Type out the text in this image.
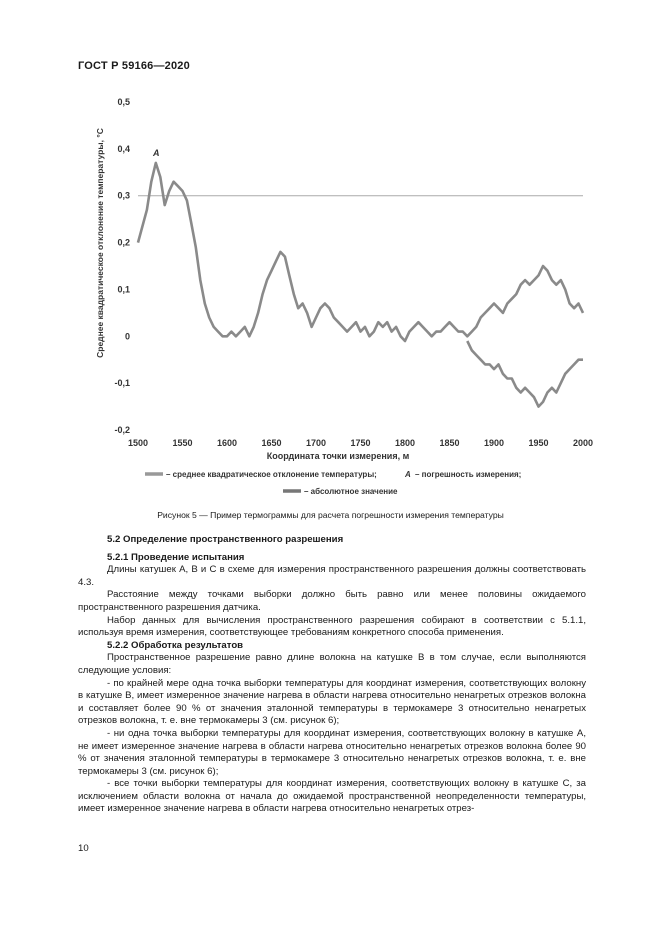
ГОСТ Р 59166—2020
0,5
0,4
0,3
0,2
0,1
0
-0,1
-0,2
1500	1550	1600	1650	1700	1750	1800	1850	1900	1950	2000
A
Среднее квадратическое отклонение температуры, °C
Координата точки измерения, м
– среднее квадратическое отклонение температуры;	A – погрешность измерения;
– абсолютное значение
Рисунок 5 — Пример термограммы для расчета погрешности измерения температуры

5.2 Определение пространственного разрешения

5.2.1 Проведение испытания

Длины катушек А, В и С в схеме для измерения пространственного разрешения должны соответствовать 4.3.

Расстояние между точками выборки должно быть равно или менее половины ожидаемого пространственного разрешения датчика.

Набор данных для вычисления пространственного разрешения собирают в соответствии с 5.1.1, используя время измерения, соответствующее требованиям конкретного способа применения.

5.2.2 Обработка результатов

Пространственное разрешение равно длине волокна на катушке В в том случае, если выполняются следующие условия:

- по крайней мере одна точка выборки температуры для координат измерения, соответствующих волокну в катушке В, имеет измеренное значение нагрева в области нагрева относительно ненагретых отрезков волокна и составляет более 90 % от значения эталонной температуры в термокамере 3 относительно ненагретых отрезков волокна, т. е. вне термокамеры 3 (см. рисунок 6);

- ни одна точка выборки температуры для координат измерения, соответствующих волокну в катушке А, не имеет измеренное значение нагрева в области нагрева относительно ненагретых отрезков волокна более 90 % от значения эталонной температуры в термокамере 3 относительно ненагретых отрезков волокна, т. е. вне термокамеры 3 (см. рисунок 6);

- все точки выборки температуры для координат измерения, соответствующих волокну в катушке С, за исключением области волокна от начала до ожидаемой пространственной неопределенности температуры, имеет измеренное значение нагрева в области нагрева относительно ненагретых отрез-

10
